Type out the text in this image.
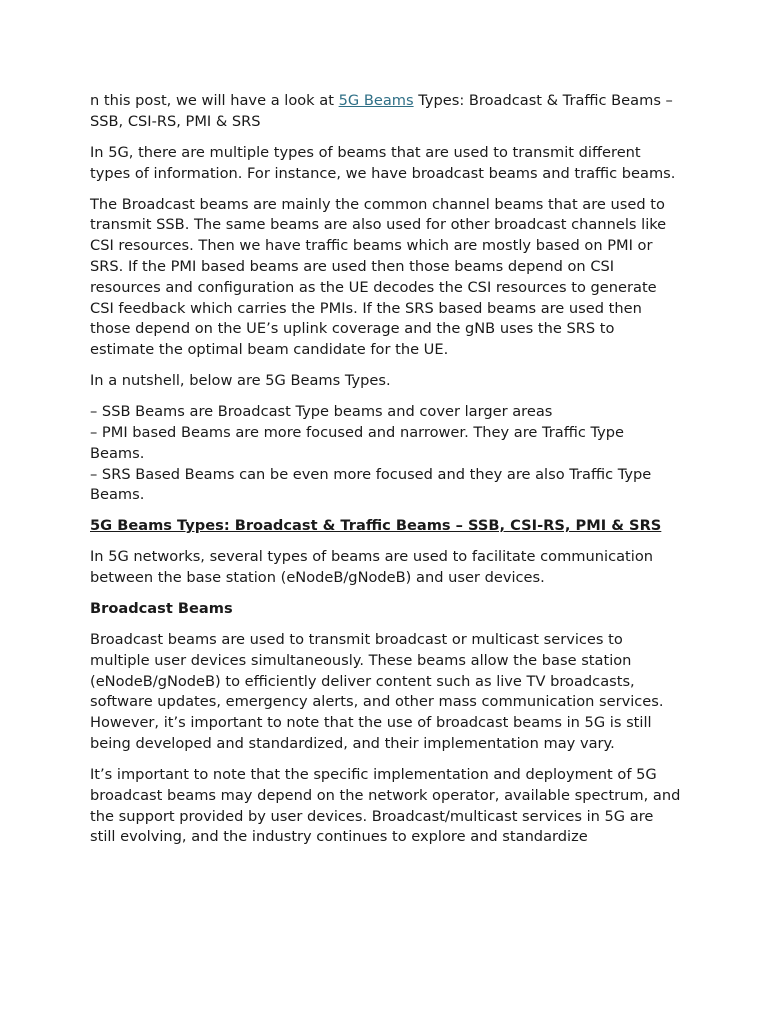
n this post, we will have a look at 5G Beams Types: Broadcast & Traffic Beams – SSB, CSI-RS, PMI & SRS

In 5G, there are multiple types of beams that are used to transmit different types of information. For instance, we have broadcast beams and traffic beams.

The Broadcast beams are mainly the common channel beams that are used to transmit SSB. The same beams are also used for other broadcast channels like CSI resources. Then we have traffic beams which are mostly based on PMI or SRS. If the PMI based beams are used then those beams depend on CSI resources and configuration as the UE decodes the CSI resources to generate CSI feedback which carries the PMIs. If the SRS based beams are used then those depend on the UE’s uplink coverage and the gNB uses the SRS to estimate the optimal beam candidate for the UE.

In a nutshell, below are 5G Beams Types.

– SSB Beams are Broadcast Type beams and cover larger areas
– PMI based Beams are more focused and narrower. They are Traffic Type Beams.
– SRS Based Beams can be even more focused and they are also Traffic Type Beams.
5G Beams Types: Broadcast & Traffic Beams – SSB, CSI-RS, PMI & SRS

In 5G networks, several types of beams are used to facilitate communication between the base station (eNodeB/gNodeB) and user devices.

Broadcast Beams

Broadcast beams are used to transmit broadcast or multicast services to multiple user devices simultaneously. These beams allow the base station (eNodeB/gNodeB) to efficiently deliver content such as live TV broadcasts, software updates, emergency alerts, and other mass communication services. However, it’s important to note that the use of broadcast beams in 5G is still being developed and standardized, and their implementation may vary.

It’s important to note that the specific implementation and deployment of 5G broadcast beams may depend on the network operator, available spectrum, and the support provided by user devices. Broadcast/multicast services in 5G are still evolving, and the industry continues to explore and standardize
